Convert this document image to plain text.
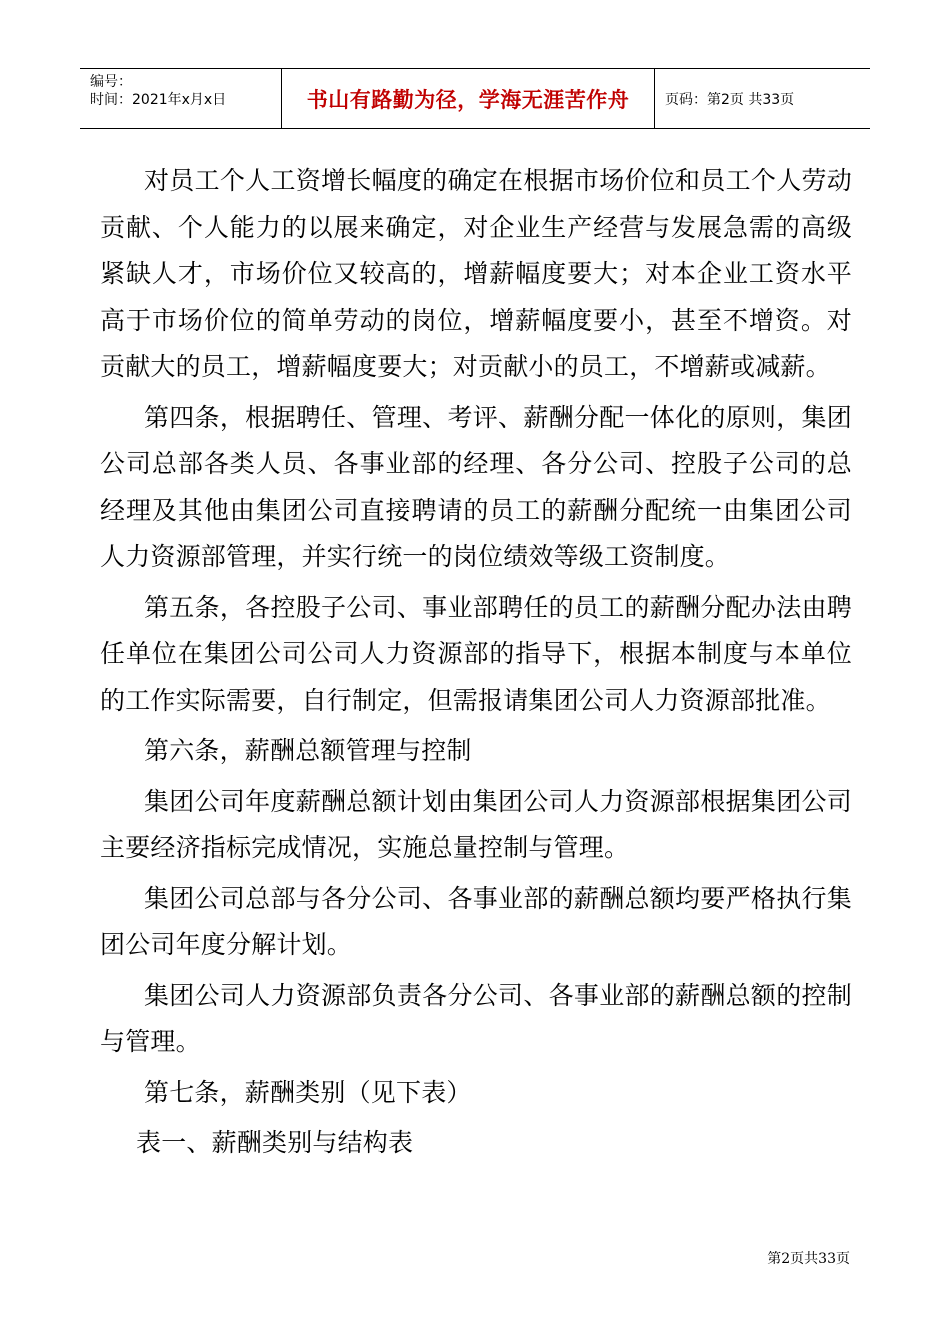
编号：
时间：2021年x月x日	书山有路勤为径，学海无涯苦作舟	页码：第2页 共33页

对员工个人工资增长幅度的确定在根据市场价位和员工个人劳动贡献、个人能力的以展来确定，对企业生产经营与发展急需的高级紧缺人才，市场价位又较高的，增薪幅度要大；对本企业工资水平高于市场价位的简单劳动的岗位，增薪幅度要小，甚至不增资。对贡献大的员工，增薪幅度要大；对贡献小的员工，不增薪或减薪。

第四条，根据聘任、管理、考评、薪酬分配一体化的原则，集团公司总部各类人员、各事业部的经理、各分公司、控股子公司的总经理及其他由集团公司直接聘请的员工的薪酬分配统一由集团公司人力资源部管理，并实行统一的岗位绩效等级工资制度。

第五条，各控股子公司、事业部聘任的员工的薪酬分配办法由聘任单位在集团公司公司人力资源部的指导下，根据本制度与本单位的工作实际需要，自行制定，但需报请集团公司人力资源部批准。

第六条，薪酬总额管理与控制

集团公司年度薪酬总额计划由集团公司人力资源部根据集团公司主要经济指标完成情况，实施总量控制与管理。

集团公司总部与各分公司、各事业部的薪酬总额均要严格执行集团公司年度分解计划。

集团公司人力资源部负责各分公司、各事业部的薪酬总额的控制与管理。

第七条，薪酬类别（见下表）

表一、薪酬类别与结构表

第2页共33页
